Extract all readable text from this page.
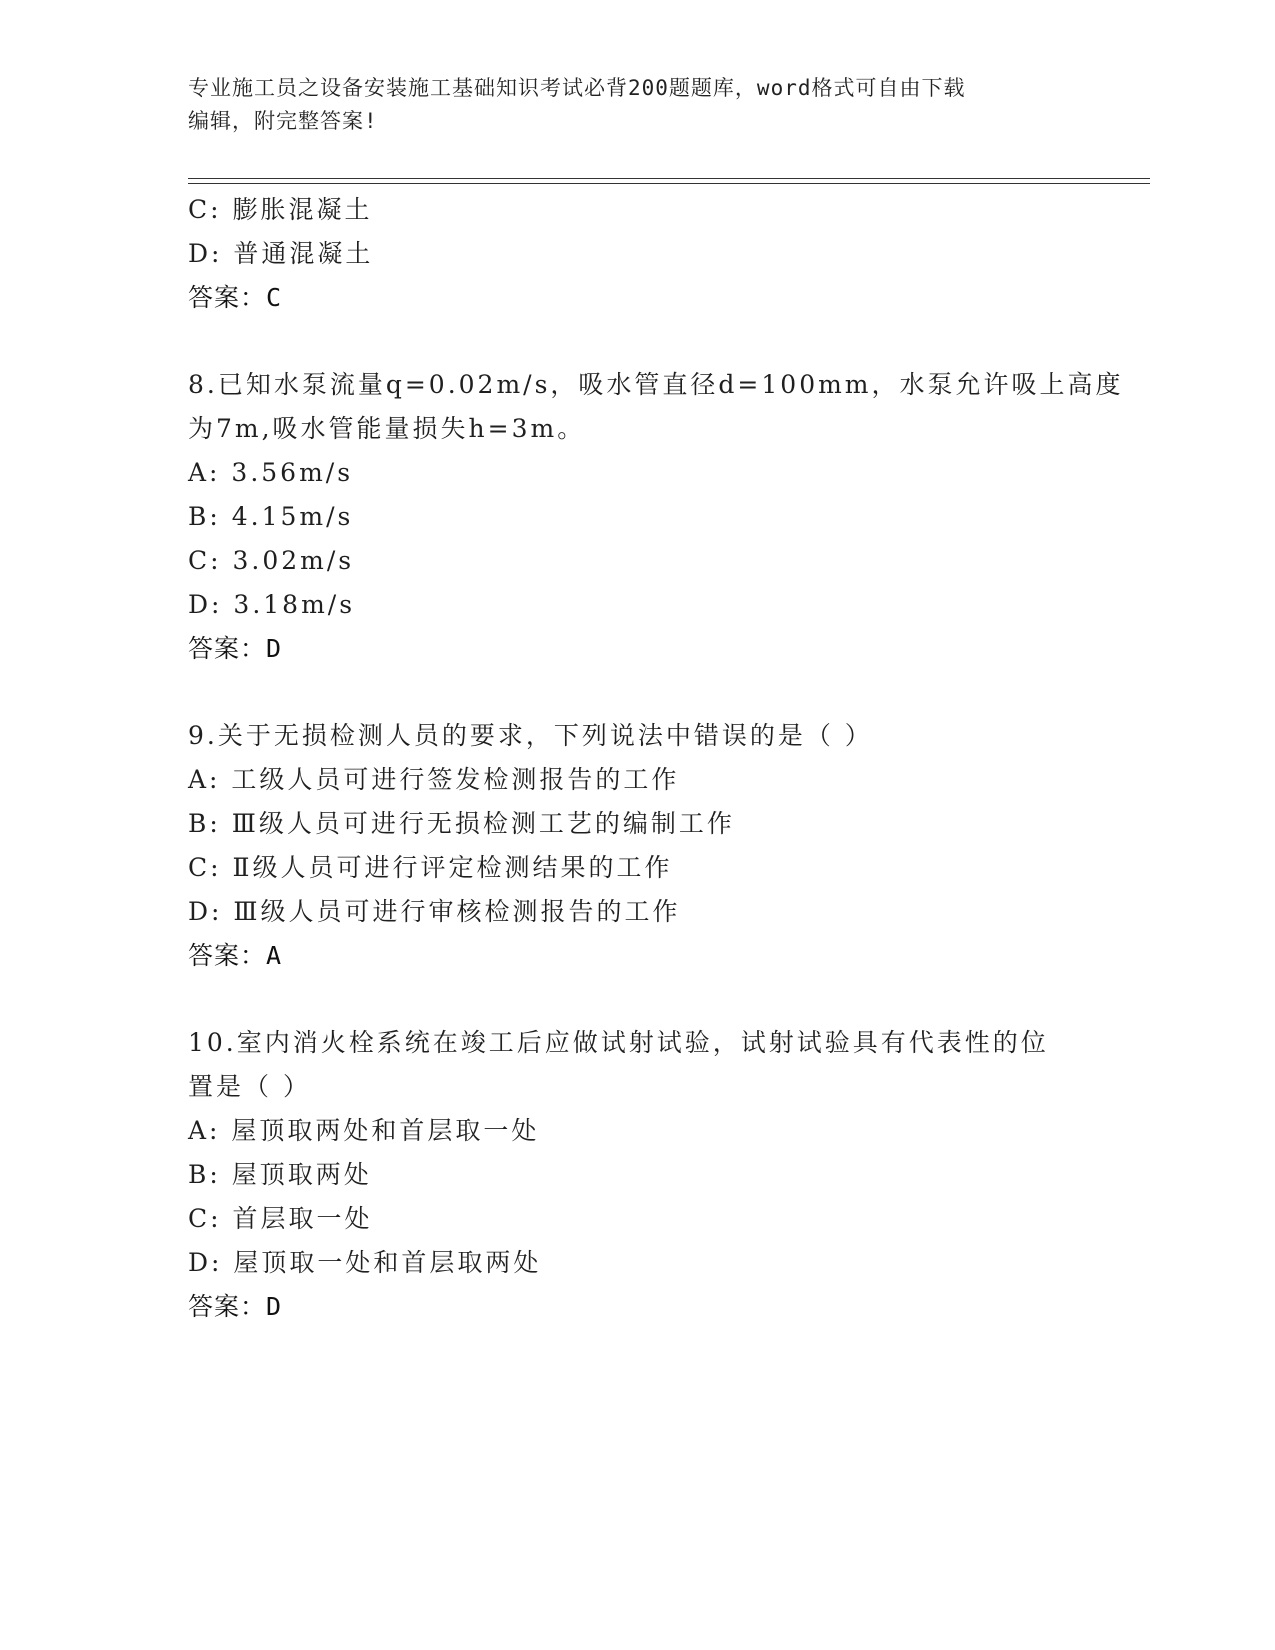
专业施工员之设备安装施工基础知识考试必背200题题库，word格式可自由下载
编辑，附完整答案!
C: 膨胀混凝土
D: 普通混凝土
答案：C
8.已知水泵流量q=0.02m/s，吸水管直径d=100mm，水泵允许吸上高度
为7m,吸水管能量损失h=3m。
A: 3.56m/s
B: 4.15m/s
C: 3.02m/s
D: 3.18m/s
答案：D
9.关于无损检测人员的要求，下列说法中错误的是（ ）
A: 工级人员可进行签发检测报告的工作
B: Ⅲ级人员可进行无损检测工艺的编制工作
C: Ⅱ级人员可进行评定检测结果的工作
D: Ⅲ级人员可进行审核检测报告的工作
答案：A
10.室内消火栓系统在竣工后应做试射试验，试射试验具有代表性的位
置是（ ）
A: 屋顶取两处和首层取一处
B: 屋顶取两处
C: 首层取一处
D: 屋顶取一处和首层取两处
答案：D
